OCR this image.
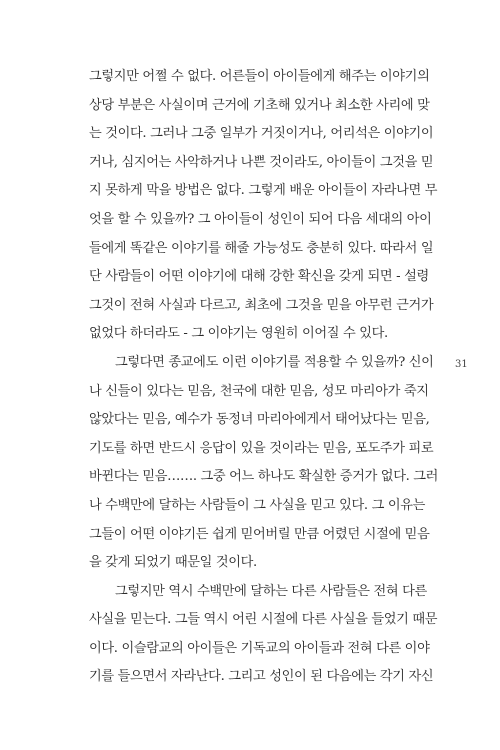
그렇지만 어쩔 수 없다. 어른들이 아이들에게 해주는 이야기의

상당 부분은 사실이며 근거에 기초해 있거나 최소한 사리에 맞

는 것이다. 그러나 그중 일부가 거짓이거나, 어리석은 이야기이

거나, 심지어는 사악하거나 나쁜 것이라도, 아이들이 그것을 믿

지 못하게 막을 방법은 없다. 그렇게 배운 아이들이 자라나면 무

엇을 할 수 있을까? 그 아이들이 성인이 되어 다음 세대의 아이

들에게 똑같은 이야기를 해줄 가능성도 충분히 있다. 따라서 일

단 사람들이 어떤 이야기에 대해 강한 확신을 갖게 되면 - 설령

그것이 전혀 사실과 다르고, 최초에 그것을 믿을 아무런 근거가

없었다 하더라도 - 그 이야기는 영원히 이어질 수 있다.

그렇다면 종교에도 이런 이야기를 적용할 수 있을까? 신이

나 신들이 있다는 믿음, 천국에 대한 믿음, 성모 마리아가 죽지

않았다는 믿음, 예수가 동정녀 마리아에게서 태어났다는 믿음,

기도를 하면 반드시 응답이 있을 것이라는 믿음, 포도주가 피로

바뀐다는 믿음……. 그중 어느 하나도 확실한 증거가 없다. 그러

나 수백만에 달하는 사람들이 그 사실을 믿고 있다. 그 이유는

그들이 어떤 이야기든 쉽게 믿어버릴 만큼 어렸던 시절에 믿음

을 갖게 되었기 때문일 것이다.

그렇지만 역시 수백만에 달하는 다른 사람들은 전혀 다른

사실을 믿는다. 그들 역시 어린 시절에 다른 사실을 들었기 때문

이다. 이슬람교의 아이들은 기독교의 아이들과 전혀 다른 이야

기를 들으면서 자라난다. 그리고 성인이 된 다음에는 각기 자신

31
